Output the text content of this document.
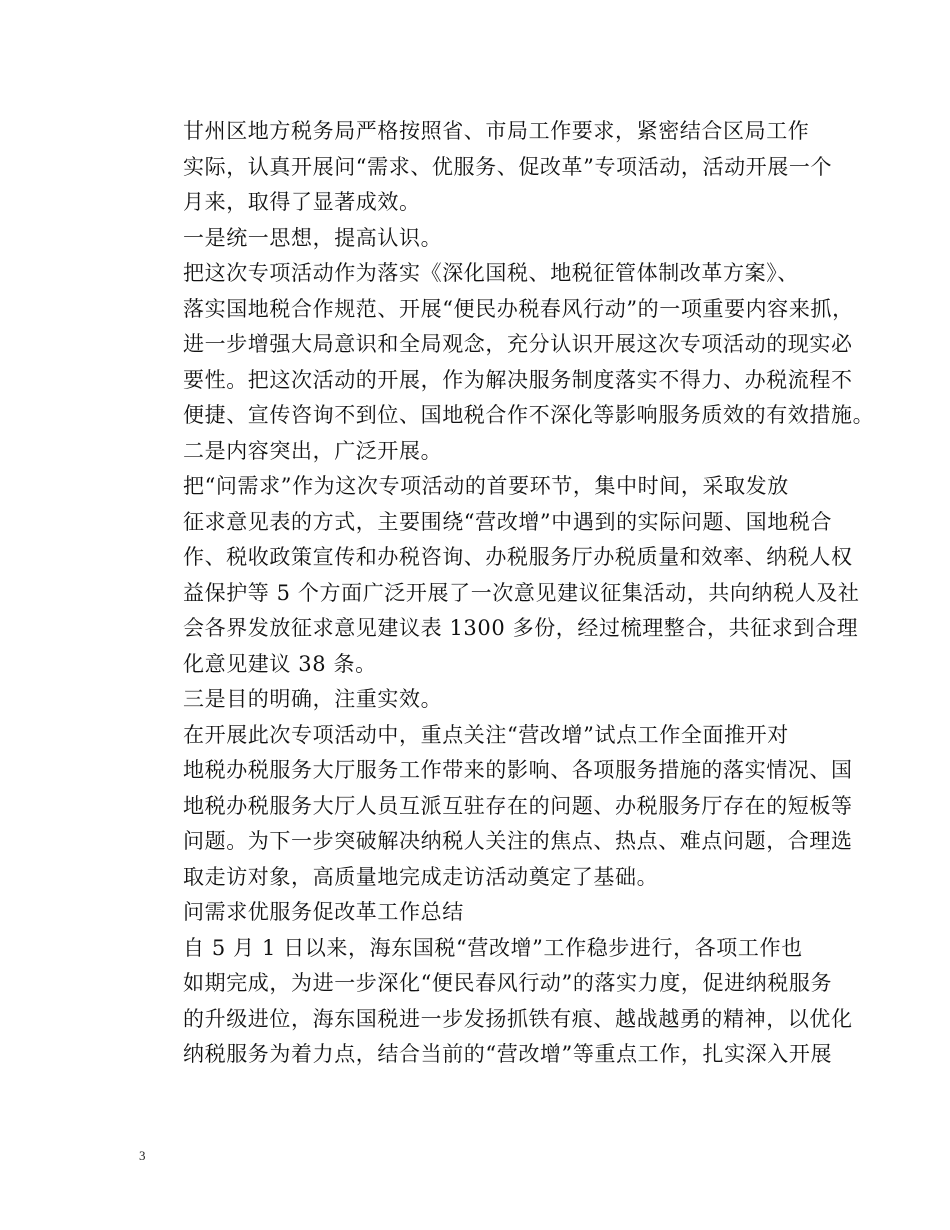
甘州区地方税务局严格按照省、市局工作要求，紧密结合区局工作
实际，认真开展问“需求、优服务、促改革”专项活动，活动开展一个
月来，取得了显著成效。

一是统一思想，提高认识。

把这次专项活动作为落实《深化国税、地税征管体制改革方案》、
落实国地税合作规范、开展“便民办税春风行动”的一项重要内容来抓，
进一步增强大局意识和全局观念，充分认识开展这次专项活动的现实必
要性。把这次活动的开展，作为解决服务制度落实不得力、办税流程不
便捷、宣传咨询不到位、国地税合作不深化等影响服务质效的有效措施。

二是内容突出，广泛开展。

把“问需求”作为这次专项活动的首要环节，集中时间，采取发放
征求意见表的方式，主要围绕“营改增”中遇到的实际问题、国地税合
作、税收政策宣传和办税咨询、办税服务厅办税质量和效率、纳税人权
益保护等 5 个方面广泛开展了一次意见建议征集活动，共向纳税人及社
会各界发放征求意见建议表 1300 多份，经过梳理整合，共征求到合理
化意见建议 38 条。

三是目的明确，注重实效。

在开展此次专项活动中，重点关注“营改增”试点工作全面推开对
地税办税服务大厅服务工作带来的影响、各项服务措施的落实情况、国
地税办税服务大厅人员互派互驻存在的问题、办税服务厅存在的短板等
问题。为下一步突破解决纳税人关注的焦点、热点、难点问题，合理选
取走访对象，高质量地完成走访活动奠定了基础。

问需求优服务促改革工作总结

自 5 月 1 日以来，海东国税“营改增”工作稳步进行，各项工作也
如期完成，为进一步深化“便民春风行动”的落实力度，促进纳税服务
的升级进位，海东国税进一步发扬抓铁有痕、越战越勇的精神，以优化
纳税服务为着力点，结合当前的“营改增”等重点工作，扎实深入开展

3
